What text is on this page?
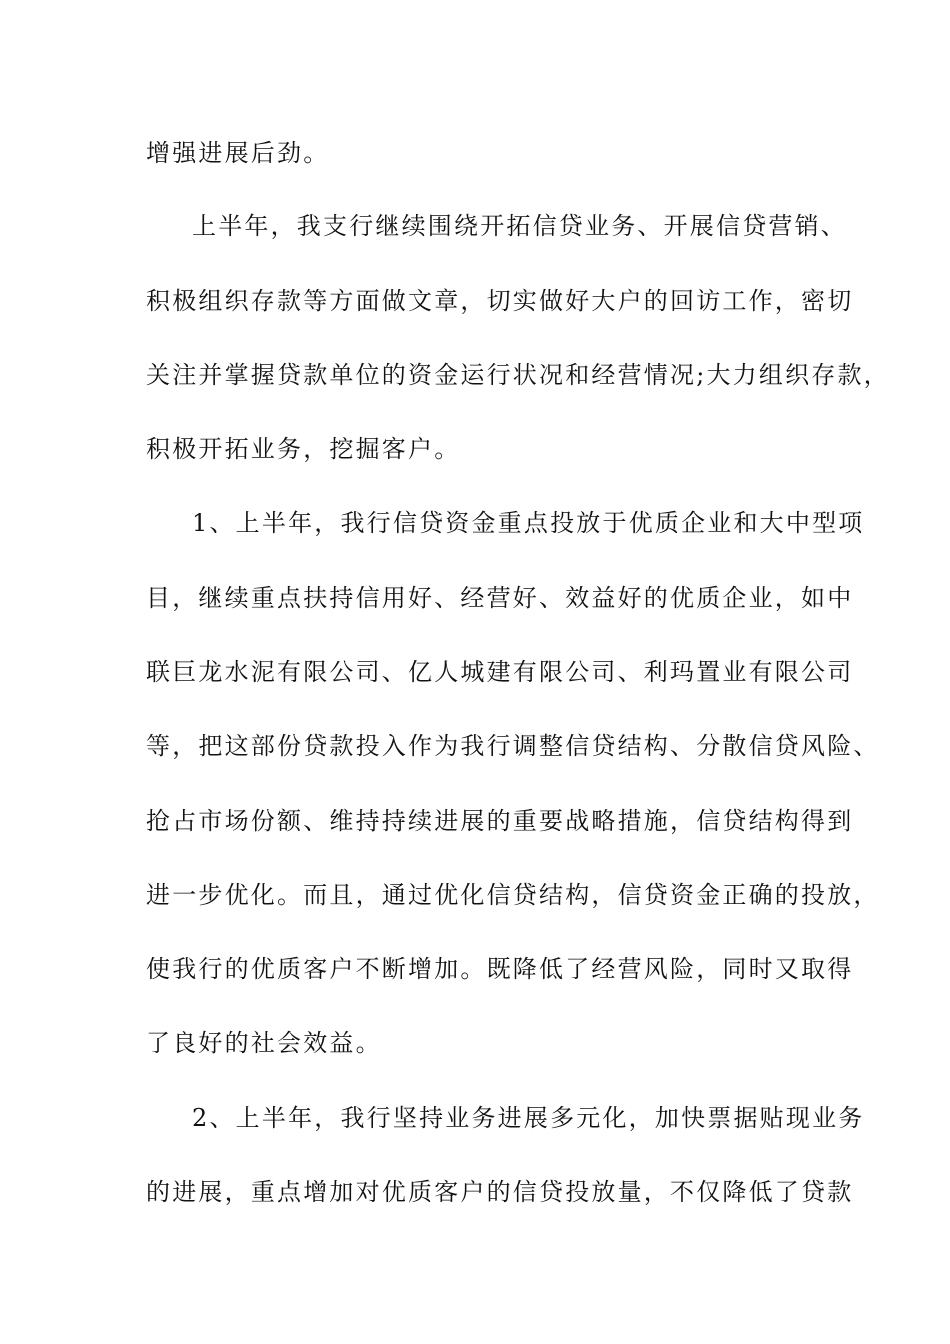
增强进展后劲。
上半年，我支行继续围绕开拓信贷业务、开展信贷营销、
积极组织存款等方面做文章，切实做好大户的回访工作，密切
关注并掌握贷款单位的资金运行状况和经营情况;大力组织存款，
积极开拓业务，挖掘客户。
1、上半年，我行信贷资金重点投放于优质企业和大中型项
目，继续重点扶持信用好、经营好、效益好的优质企业，如中
联巨龙水泥有限公司、亿人城建有限公司、利玛置业有限公司
等，把这部份贷款投入作为我行调整信贷结构、分散信贷风险、
抢占市场份额、维持持续进展的重要战略措施，信贷结构得到
进一步优化。而且，通过优化信贷结构，信贷资金正确的投放，
使我行的优质客户不断增加。既降低了经营风险，同时又取得
了良好的社会效益。
2、上半年，我行坚持业务进展多元化，加快票据贴现业务
的进展，重点增加对优质客户的信贷投放量，不仅降低了贷款
